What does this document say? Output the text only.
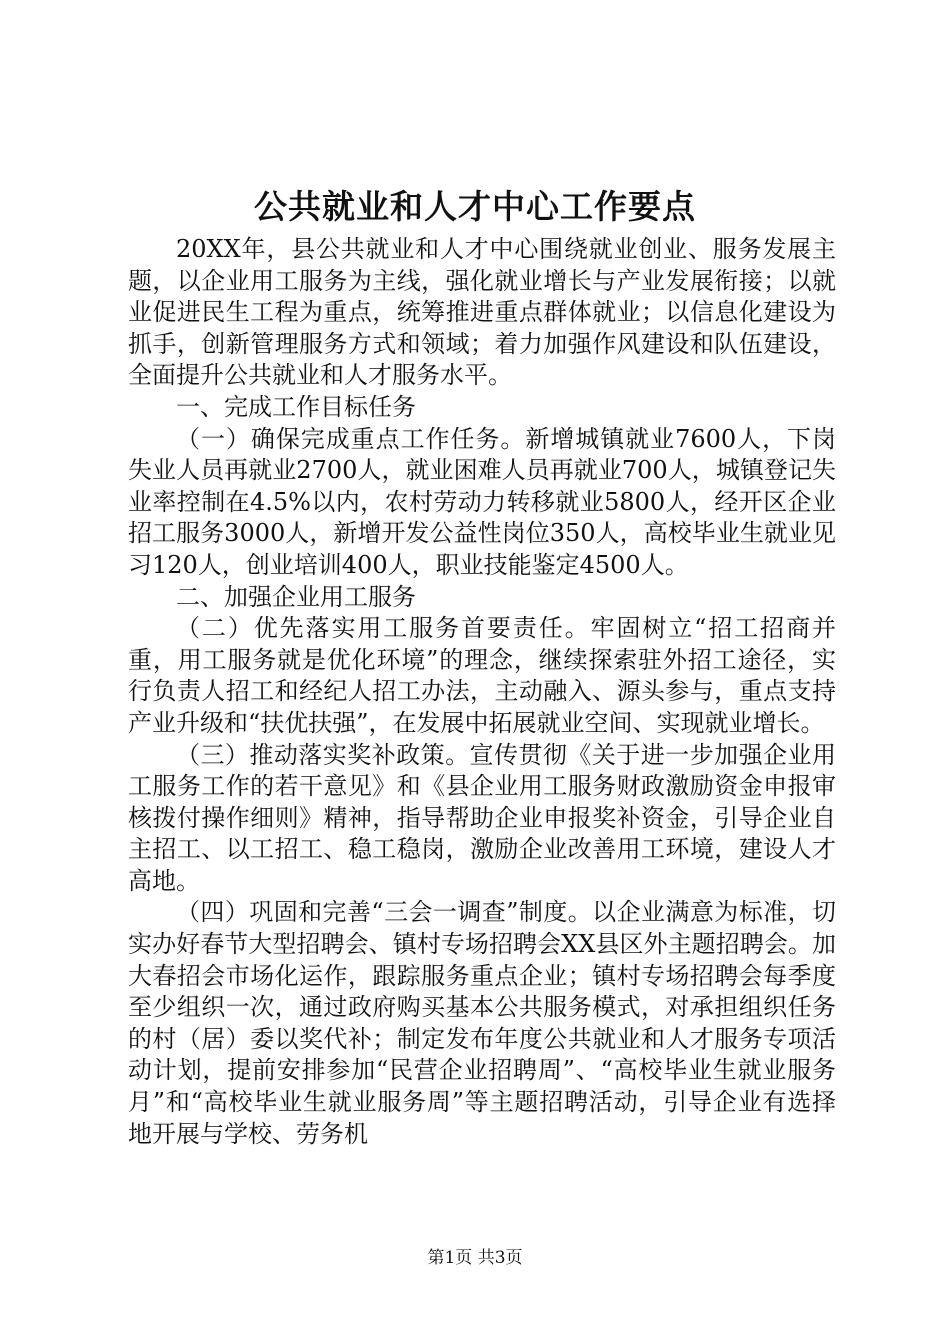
公共就业和人才中心工作要点

20XX年，县公共就业和人才中心围绕就业创业、服务发展主题，以企业用工服务为主线，强化就业增长与产业发展衔接；以就业促进民生工程为重点，统筹推进重点群体就业；以信息化建设为抓手，创新管理服务方式和领域；着力加强作风建设和队伍建设，全面提升公共就业和人才服务水平。

一、完成工作目标任务

（一）确保完成重点工作任务。新增城镇就业7600人，下岗失业人员再就业2700人，就业困难人员再就业700人，城镇登记失业率控制在4.5%以内，农村劳动力转移就业5800人，经开区企业招工服务3000人，新增开发公益性岗位350人，高校毕业生就业见习120人，创业培训400人，职业技能鉴定4500人。

二、加强企业用工服务

（二）优先落实用工服务首要责任。牢固树立“招工招商并重，用工服务就是优化环境”的理念，继续探索驻外招工途径，实行负责人招工和经纪人招工办法，主动融入、源头参与，重点支持产业升级和“扶优扶强”，在发展中拓展就业空间、实现就业增长。

（三）推动落实奖补政策。宣传贯彻《关于进一步加强企业用工服务工作的若干意见》和《县企业用工服务财政激励资金申报审核拨付操作细则》精神，指导帮助企业申报奖补资金，引导企业自主招工、以工招工、稳工稳岗，激励企业改善用工环境，建设人才高地。

（四）巩固和完善“三会一调查”制度。以企业满意为标准，切实办好春节大型招聘会、镇村专场招聘会XX县区外主题招聘会。加大春招会市场化运作，跟踪服务重点企业；镇村专场招聘会每季度至少组织一次，通过政府购买基本公共服务模式，对承担组织任务的村（居）委以奖代补；制定发布年度公共就业和人才服务专项活动计划，提前安排参加“民营企业招聘周”、“高校毕业生就业服务月”和“高校毕业生就业服务周”等主题招聘活动，引导企业有选择地开展与学校、劳务机

第1页 共3页
